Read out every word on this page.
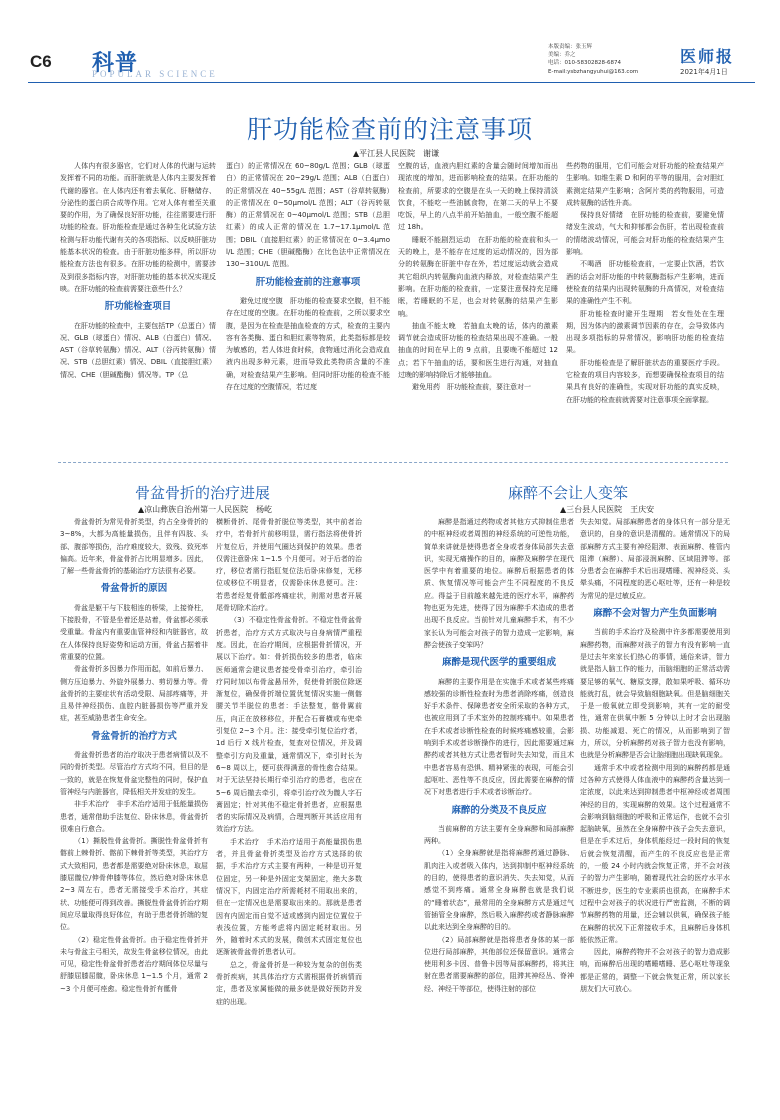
C6 科普
POPULAR SCIENCE
本版责编：张玉辉
美编：乔之
电话：010-58302828-6874
E-mail:ysbzhangyuhui@163.com
医师报
2021年4月1日
肝功能检查前的注意事项
▲平江县人民医院　谢谦

人体内有很多器官，它们对人体的代谢与运转发挥着不同的功能。而肝脏就是人体内主要发挥着代谢的器官。在人体内还有着去氧化、肝糖储存、分泌性的蛋白质合成等作用。它对人体有着至关重要的作用，为了确保良好肝功能，往往需要进行肝功能的检查。肝功能检查是通过各种生化试验方法检测与肝功能代谢有关的各项指标、以反映肝脏功能基本状况的检查。由于肝脏功能多样，所以肝功能检查方法也有很多。在肝功能的检测中，需要涉及到很多指标内容，对肝脏功能的基本状况实现反映。在肝功能的检查前需要注意些什么？

肝功能检查项目

在肝功能的检查中，主要包括TP（总蛋白）情况、GLB（球蛋白）情况、ALB（白蛋白）情况、AST（谷草转氨酶）情况、ALT（谷丙转氨酶）情况、STB（总胆红素）情况、DBIL（直接胆红素）情况、CHE（胆碱酯酶）情况等。TP（总

蛋白）的正常情况在 60~80g/L 范围；GLB（球蛋白）的正常情况在 20~29g/L 范围；ALB（白蛋白）的正常情况在 40~55g/L 范围；AST（谷草转氨酶）的正常情况在 0~50μmol/L 范围；ALT（谷丙转氨酶）的正常情况在 0~40μmol/L 范围；STB（总胆红素）的成人正常的情况在 1.7~17.1μmol/L 范围；DBIL（直接胆红素）的正常情况在 0~3.4μmol/L 范围；CHE（胆碱酯酶）在比色法中正常情况在 130~310U/L 范围。

肝功能检查前的注意事项

避免过度空腹　肝功能的检查要求空腹，但不能存在过度的空腹。在肝功能的检查前，之所以要求空腹，是因为在检查是抽血检查的方式，检查的主要内容有各类酶、蛋白和胆红素等物质，此类指标都是较为敏感的，若人体进食时候，食物通过消化会造成血液内出现多种元素，进而导致此类物质含量的不准确，对检查结果产生影响。但同时肝功能的检查不能存在过度的空腹情况，若过度

空腹的话，血液内胆红素的含量会随时间增加而出现浓度的增加，进而影响检查的结果。在肝功能的检查前，所要求的空腹是在头一天的晚上保持清淡饮食，不能吃一些油腻食物，在第二天的早上不要吃饭，早上的八点半前开始抽血，一般空腹不能超过 18h。

睡眠不能剧烈运动　在肝功能的检查前和头一天的晚上，是不能存在过度的运动情况的，因为部分的转氨酶在肝脏中存在外，若过度运动就会造成其它组织内转氨酶向血液内释放，对检查结果产生影响。在肝功能的检查前，一定要注意保持充足睡眠，若睡眠的不足，也会对转氨酶的结果产生影响。

抽血不能太晚　若抽血太晚的话，体内的激素调节就会造成肝功能的检查结果出现不准确。一般抽血的时间在早上的 9 点前，且要晚不能超过 12 点；若下午抽血的话，要和医生进行沟通，对抽血过晚的影响持除后才能够抽血。

避免用药　肝功能检查前，要注意对一

些药物的服用，它们可能会对肝功能的检查结果产生影响。如维生素 D 和阿的平等的服用，会对胆红素测定结果产生影响；含阿片类的药物服用，可造成转氨酶的活性升高。

保持良好情绪　在肝功能的检查前，要避免情绪发生波动，气大和抑郁都会伤肝，若出现检查前的情绪波动情况，可能会对肝功能的检查结果产生影响。

不喝酒　肝功能检查前，一定要止饮酒，若饮酒的话会对肝功能的中转氨酶指标产生影响，进而使检查的结果内出现转氨酶的升高情况，对检查结果的准确性产生不利。

肝功能检查时避开生理期　若女性处在生理期，因为体内的激素调节因素的存在，会导致体内出现多项指标的异常情况，影响肝功能的检查结果。

肝功能检查是了解肝脏状态的重要医疗手段。它检查的项目内容较多，而想要确保检查项目的结果具有良好的准确性，实现对肝功能的真实反映，在肝功能的检查前就需要对注意事项全面掌握。

骨盆骨折的治疗进展
▲凉山彝族自治州第一人民医院　杨屹

骨盆骨折为常见骨折类型，约占全身骨折的 3~8%，大都为高能量损伤，且伴有四肢、头部、腹部等损伤，治疗难度较大，致残、致死率偏高。近年来，骨盆骨折占比明显增多。因此，了解一些骨盆骨折的基础治疗方法很有必要。

骨盆骨折的原因

骨盆是躯干与下肢相连的桥梁，上接脊柱，下接股骨，不管是坐着还是站着，骨盆都必须承受重量。骨盆内有重要血管神经和内脏器官，故在人体保持良好姿势和运动方面，骨盆占据着非常重要的位置。

骨盆骨折多因暴力作用而起，如前后暴力、侧方压迫暴力、外旋外展暴力、剪切暴力等。骨盆骨折的主要症状有活动受限、局部疼痛等，并且易伴神经损伤、血腔内脏器损伤等严重并发症，甚至威胁患者生命安全。

骨盆骨折的治疗方式

骨盆骨折患者的治疗取决于患者病情以及不同的骨折类型。尽管治疗方式均不同，但目的是一致的，就是在恢复骨盆完整性的同时，保护血管神经与内脏器官，降低相关并发症的发生。

非手术治疗　非手术治疗适用于低能量损伤患者，通常借助手法复位、卧床休息，骨盆骨折很难自行愈合。

（1）撕脱性骨盆骨折。撕脱性骨盆骨折有髂前上棘骨折、髂前下棘骨折等类型，其治疗方式大致相同，患者都是需要绝对卧床休息，取屈膝屈髋位/伸骨伸膝等体位，然后绝对卧床休息 2~3 周左右，患者无需接受手术治疗，其症状、功能便可得到改善。撕脱性骨盆骨折治疗期间应尽量取得良好体位，有助于患者骨折端的复位。

（2）稳定性骨盆骨折。由于稳定性骨折并未与骨盆主弓相关，故发生骨盆移位情况，由此可见，稳定性骨盆骨折患者治疗期间体位尽量与舒膝屈膝屈髋，卧床休息 1~1.5 个月，通常 2~3 个月便可痊愈。稳定性骨折有骶骨

横断骨折、尾骨骨折脱位等类型，其中前者治疗中，若骨折片前移明显，需行指法将使骨折片复位后，并使用气圈达到保护的效果。患者仅需注意卧床 1~1.5 个月便可。对于后者的治疗，移位者需行指肛复位法后卧床修复，无移位或移位不明显者，仅需卧床休息便可。注：若患者经复骨骶部疼痛症状，则需对患者开展尾骨切除术治疗。

（3）不稳定性骨盆骨折。不稳定性骨盆骨折患者，治疗方式方式取决与自身病情严重程度。因此，在治疗期间，应根据骨折情况，开展以下治疗。如：骨折损伤较多的患者，临床医师通常会建议患者接受骨牵引治疗，牵引治疗同时加以布骨盆悬吊外，促使骨折脱位除逐渐复位，确保骨折端位置优复情况实施一侧髂腰关节半脱位的患者：手法整复，髂骨翼前压，向正在放移移位，并配合石膏横或布兜牵引复位 2~3 个月。注：接受牵引复位治疗者，1d 后行 X 线片检查，复查对位情况，并及调整牵引方向及重量，通常情况下，牵引时长为 6~8 周以上，便可获得满意的骨性愈合结果。对于无法坚持长期行牵引治疗的患者，也应在 5~6 周后撤去牵引，将牵引治疗改为髋人字石膏固定；针对其他不稳定骨折患者，应根据患者的实际情况及病情，合理判断开其活应用有效治疗方法。

手术治疗　手术治疗适用于高能量损伤患者，并且骨盆骨折类型及治疗方式选择的依据，手术治疗方式主要有两种，一种是切开复位固定，另一种是外固定支架固定，绝大多数情况下，内固定治疗所需耗材不用取出来的，但在一定情况也是需要取出来的。那就是患者因有内固定而自觉不适或感到内固定位置位于表浅位置，方能考虑将内固定耗材取出。另外，随着时术式的发展，微创术式固定复位也逐渐被骨盆骨折患者认可。

总之，骨盆骨折是一种较为复杂的创伤类骨折疾病，其具体治疗方式需根据骨折病情而定，患者及家属能做的最多就是做好预防并发症的出现。

麻醉不会让人变笨
▲三台县人民医院　王庆安

麻醉是指通过药物或者其他方式抑制住患者的中枢神经或者周围的神经系统的可逆性功能，简单来讲就是使得患者全身或者身体局部失去意识，实现无痛操作的目的，麻醉及麻醉学在现代医学中有着重要的地位。麻醉后根据患者的体质、恢复情况等可能会产生不同程度的不良反应。得益于目前越来越先进的医疗水平，麻醉药物也更为先进，使得了因为麻醉手术造成的患者出现不良反应。当前针对儿童麻醉手术，有不少家长认为可能会对孩子的智力造成一定影响，麻醉会使孩子变笨吗？

麻醉是现代医学的重要组成

麻醉的主要作用是在实施手术或者某些疼痛感较强的诊断性检查时为患者消除疼痛，创造良好手术条件、保障患者安全所采取的各种方式，也被应用到了手术室外的控制疼痛中。如果患者在手术或者诊断性检查的时候疼痛感较重，会影响到手术或者诊断操作的进行，因此需要通过麻醉药或者其他方式让患者暂时失去知觉，而且术中患者容易有恐惧、精神紧张的表现，可能会引起呕吐、恶性等不良反应，因此需要在麻醉的情况下对患者进行手术或者诊断治疗。

麻醉的分类及不良反应

当前麻醉的方法主要有全身麻醉和局部麻醉两种。

（1）全身麻醉就是指将麻醉药通过静脉、肌肉注入或者吸入体内，达到抑制中枢神经系统的目的，使得患者的意识消失、失去知觉，从而感觉不到疼痛。通常全身麻醉也就是我们说的“睡着状态”，最常用的全身麻醉方式是通过气管插管全身麻醉，然后吸入麻醉药或者静脉麻醉以此来达到全身麻醉的目的。

（2）局部麻醉就是指将患者身体的某一部位进行局部麻醉，其他部位还保留意识。通常会使用利多卡因、普鲁卡因等局部麻醉药，将其注射在患者需要麻醉的部位，阻滞其神经丛、脊神经、神经干等部位，使得注射的部位

失去知觉。局部麻醉患者的身体只有一部分是无意识的，自身的意识是清醒的。通常情况下的局部麻醉方式主要有神经阻滞、表面麻醉、椎管内阻滞（麻醉）、局部浸润麻醉、区域阻滞等。部分患者会在麻醉手术后出现嗜睡、视神经炎、头晕头痛，不同程度的恶心呕吐等，还有一种是较为常见的是过敏反应。

麻醉不会对智力产生负面影响

当前的手术治疗及检测中许多都需要使用到麻醉药物，而麻醉对孩子的智力有没有影响一直是过去年来家长们热心的事情，通俗来讲，智力就是指人脑工作的能力，而脑细胞的正常活动需要足够的氧气、糖原支撑，散如果呼吸、循环功能就打乱，就会导致脑细胞缺氧。但是脑细胞关于是一般氧就立即受到影响，其有一定的耐受性，通常在供氧中断 5 分钟以上时才会出现脑损、功能减退、死亡的情况，从而影响到了智力，所以，分析麻醉药对孩子智力也没有影响，也就是分析麻醉是否会让脑细胞出现缺氧现象。

通常手术中或者检测中用到的麻醉药都是通过各种方式使得人体血液中的麻醉药含量达到一定浓度，以此来达到抑制患者中枢神经或者周围神经的目的，实现麻醉的效果。这个过程通常不会影响到脑细胞的呼吸和正常运作，也就不会引起脑缺氧，虽然在全身麻醉中孩子会失去意识，但是在手术过后，身体机能经过一段时间的恢复后就会恢复清醒，而产生的不良反应也是正常的，一般 24 小时内就会恢复正常，并不会对孩子的智力产生影响，随着现代社会的医疗水平水不断进步，医生的专业素质也很高，在麻醉手术过程中会对孩子的状况进行严密监测，不断的调节麻醉药物的用量，还会辅以供氧，确保孩子能在麻醉的状况下正常接收手术，且麻醉后身体机能依然正常。

因此，麻醉药物并不会对孩子的智力造成影响，而麻醉后出现的嗜睡嗜睡、恶心呕吐等现象都是正常的，调整一下就会恢复正常，所以家长朋友们大可放心。
